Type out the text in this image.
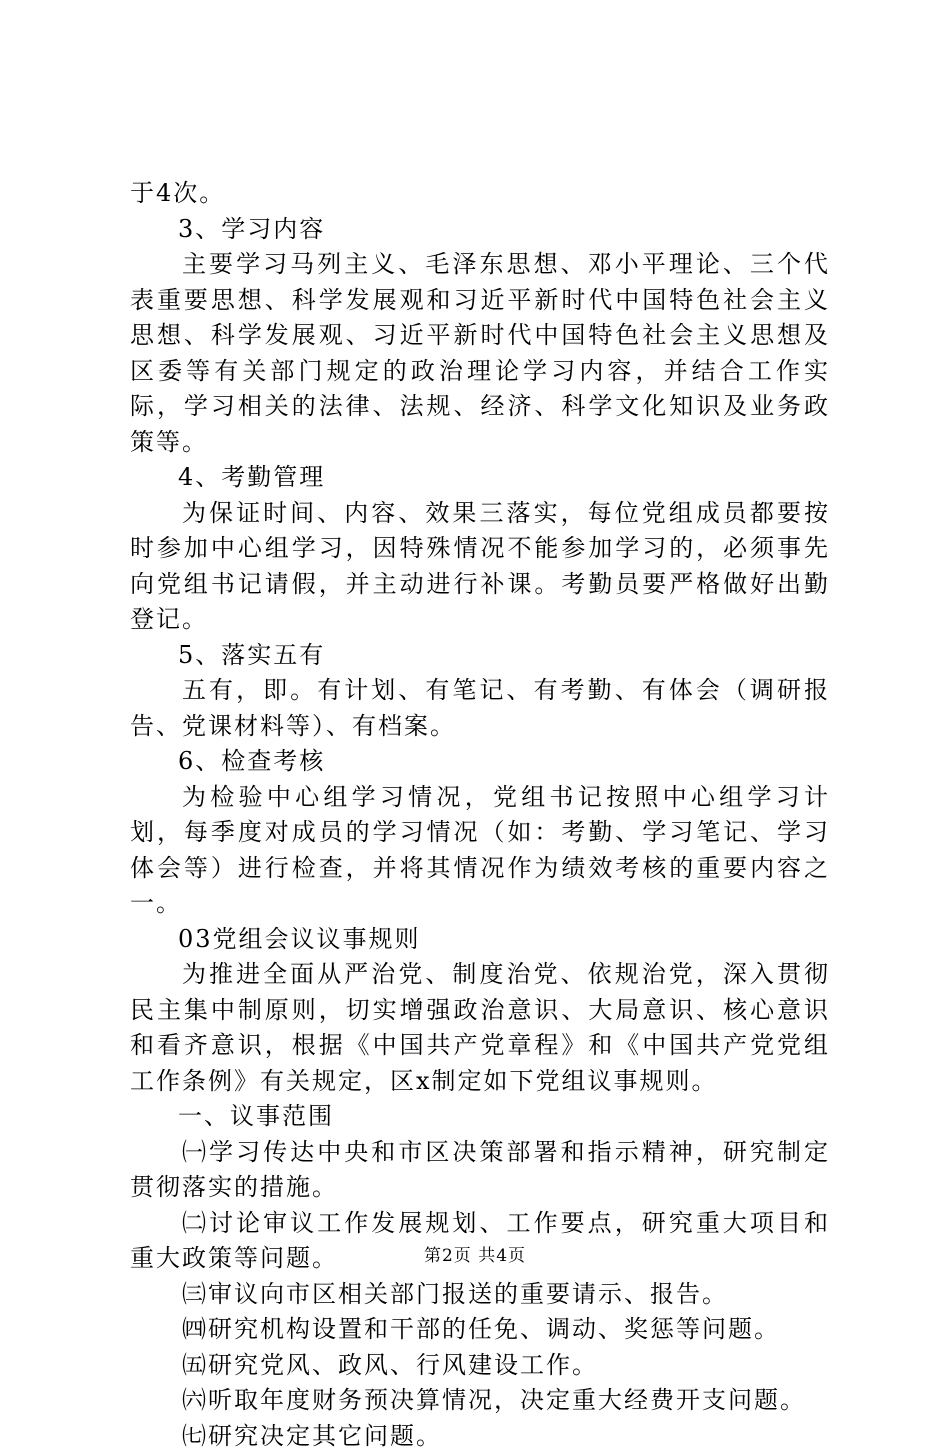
于4次。

3、学习内容

主要学习马列主义、毛泽东思想、邓小平理论、三个代表重要思想、科学发展观和习近平新时代中国特色社会主义思想、科学发展观、习近平新时代中国特色社会主义思想及区委等有关部门规定的政治理论学习内容，并结合工作实际，学习相关的法律、法规、经济、科学文化知识及业务政策等。

4、考勤管理

为保证时间、内容、效果三落实，每位党组成员都要按时参加中心组学习，因特殊情况不能参加学习的，必须事先向党组书记请假，并主动进行补课。考勤员要严格做好出勤登记。

5、落实五有

五有，即。有计划、有笔记、有考勤、有体会（调研报告、党课材料等）、有档案。

6、检查考核

为检验中心组学习情况，党组书记按照中心组学习计划，每季度对成员的学习情况（如：考勤、学习笔记、学习体会等）进行检查，并将其情况作为绩效考核的重要内容之一。

03党组会议议事规则

为推进全面从严治党、制度治党、依规治党，深入贯彻民主集中制原则，切实增强政治意识、大局意识、核心意识和看齐意识，根据《中国共产党章程》和《中国共产党党组工作条例》有关规定，区x制定如下党组议事规则。

一、议事范围

㈠学习传达中央和市区决策部署和指示精神，研究制定贯彻落实的措施。

㈡讨论审议工作发展规划、工作要点，研究重大项目和重大政策等问题。

㈢审议向市区相关部门报送的重要请示、报告。

㈣研究机构设置和干部的任免、调动、奖惩等问题。

㈤研究党风、政风、行风建设工作。

㈥听取年度财务预决算情况，决定重大经费开支问题。

㈦研究决定其它问题。

第2页 共4页
